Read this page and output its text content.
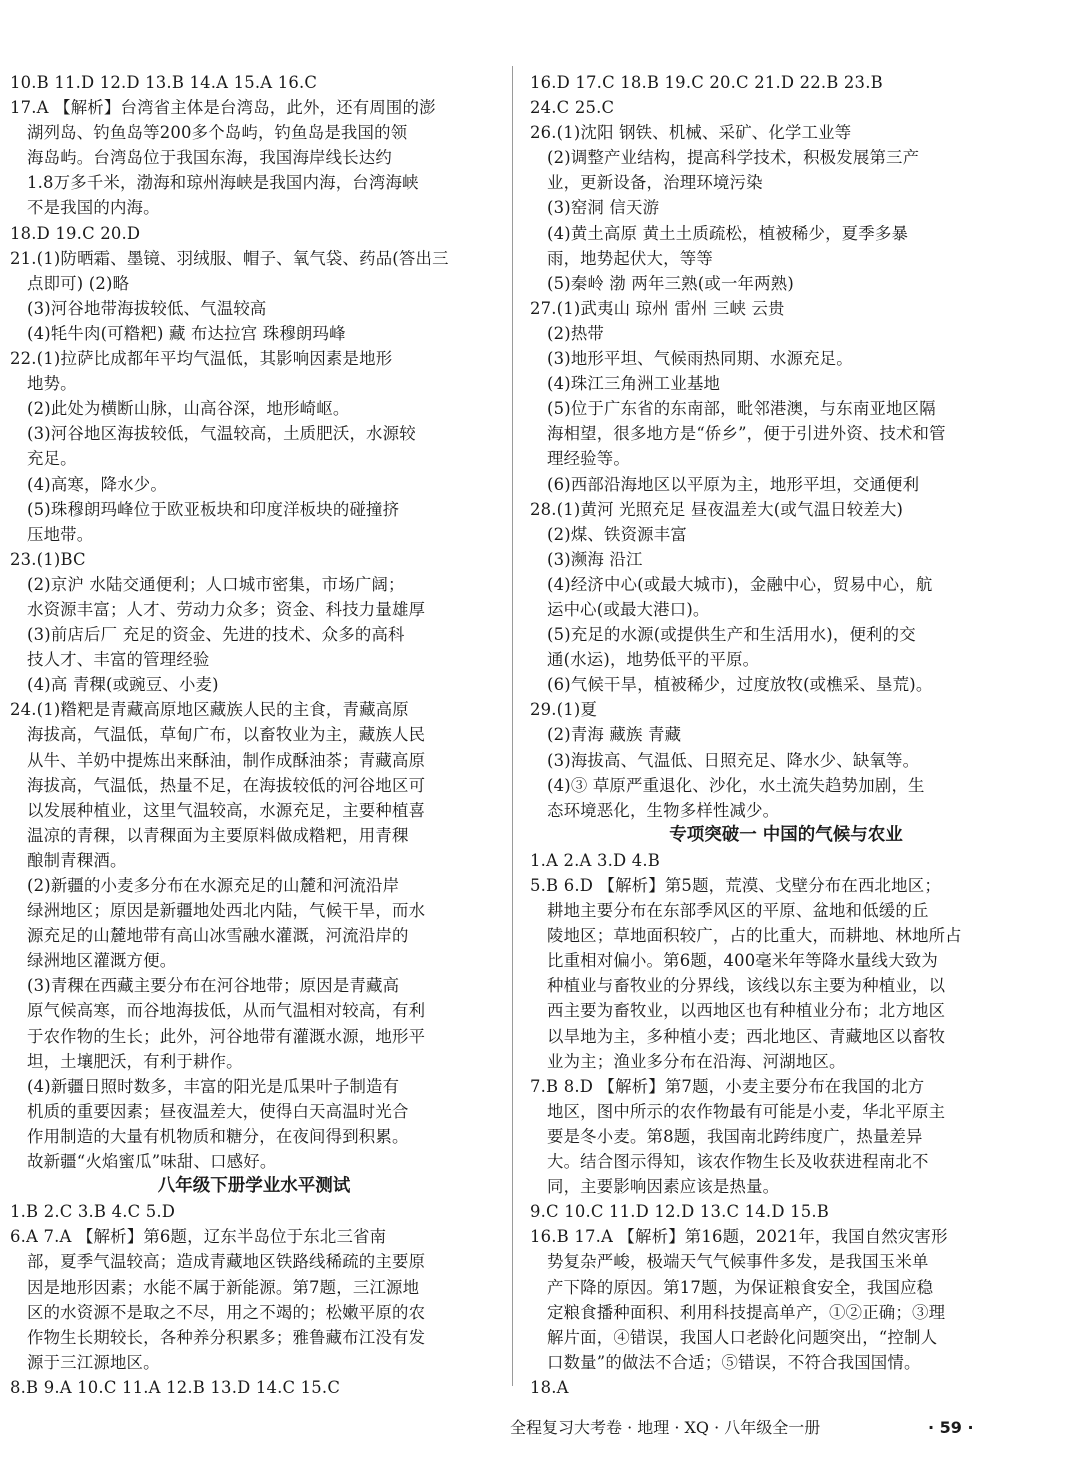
10.B 11.D 12.D 13.B 14.A 15.A 16.C
17.A 【解析】台湾省主体是台湾岛，此外，还有周围的澎
湖列岛、钓鱼岛等200多个岛屿，钓鱼岛是我国的领
海岛屿。台湾岛位于我国东海，我国海岸线长达约
1.8万多千米，渤海和琼州海峡是我国内海，台湾海峡
不是我国的内海。
18.D 19.C 20.D
21.(1)防晒霜、墨镜、羽绒服、帽子、氧气袋、药品(答出三
点即可) (2)略
(3)河谷地带海拔较低、气温较高
(4)牦牛肉(可糌粑) 藏 布达拉宫 珠穆朗玛峰
22.(1)拉萨比成都年平均气温低，其影响因素是地形
地势。
(2)此处为横断山脉，山高谷深，地形崎岖。
(3)河谷地区海拔较低，气温较高，土质肥沃，水源较
充足。
(4)高寒，降水少。
(5)珠穆朗玛峰位于欧亚板块和印度洋板块的碰撞挤
压地带。
23.(1)BC
(2)京沪 水陆交通便利；人口城市密集，市场广阔；
水资源丰富；人才、劳动力众多；资金、科技力量雄厚
(3)前店后厂 充足的资金、先进的技术、众多的高科
技人才、丰富的管理经验
(4)高 青稞(或豌豆、小麦)
24.(1)糌粑是青藏高原地区藏族人民的主食，青藏高原
海拔高，气温低，草甸广布，以畜牧业为主，藏族人民
从牛、羊奶中提炼出来酥油，制作成酥油茶；青藏高原
海拔高，气温低，热量不足，在海拔较低的河谷地区可
以发展种植业，这里气温较高，水源充足，主要种植喜
温凉的青稞，以青稞面为主要原料做成糌粑，用青稞
酿制青稞酒。
(2)新疆的小麦多分布在水源充足的山麓和河流沿岸
绿洲地区；原因是新疆地处西北内陆，气候干旱，而水
源充足的山麓地带有高山冰雪融水灌溉，河流沿岸的
绿洲地区灌溉方便。
(3)青稞在西藏主要分布在河谷地带；原因是青藏高
原气候高寒，而谷地海拔低，从而气温相对较高，有利
于农作物的生长；此外，河谷地带有灌溉水源，地形平
坦，土壤肥沃，有利于耕作。
(4)新疆日照时数多，丰富的阳光是瓜果叶子制造有
机质的重要因素；昼夜温差大，使得白天高温时光合
作用制造的大量有机物质和糖分，在夜间得到积累。
故新疆“火焰蜜瓜”味甜、口感好。
八年级下册学业水平测试
1.B 2.C 3.B 4.C 5.D
6.A 7.A 【解析】第6题，辽东半岛位于东北三省南
部，夏季气温较高；造成青藏地区铁路线稀疏的主要原
因是地形因素；水能不属于新能源。第7题，三江源地
区的水资源不是取之不尽，用之不竭的；松嫩平原的农
作物生长期较长，各种养分积累多；雅鲁藏布江没有发
源于三江源地区。
8.B 9.A 10.C 11.A 12.B 13.D 14.C 15.C
16.D 17.C 18.B 19.C 20.C 21.D 22.B 23.B
24.C 25.C
26.(1)沈阳 钢铁、机械、采矿、化学工业等
(2)调整产业结构，提高科学技术，积极发展第三产
业，更新设备，治理环境污染
(3)窑洞 信天游
(4)黄土高原 黄土土质疏松，植被稀少，夏季多暴
雨，地势起伏大，等等
(5)秦岭 渤 两年三熟(或一年两熟)
27.(1)武夷山 琼州 雷州 三峡 云贵
(2)热带
(3)地形平坦、气候雨热同期、水源充足。
(4)珠江三角洲工业基地
(5)位于广东省的东南部，毗邻港澳，与东南亚地区隔
海相望，很多地方是“侨乡”，便于引进外资、技术和管
理经验等。
(6)西部沿海地区以平原为主，地形平坦，交通便利
28.(1)黄河 光照充足 昼夜温差大(或气温日较差大)
(2)煤、铁资源丰富
(3)濒海 沿江
(4)经济中心(或最大城市)，金融中心，贸易中心，航
运中心(或最大港口)。
(5)充足的水源(或提供生产和生活用水)，便利的交
通(水运)，地势低平的平原。
(6)气候干旱，植被稀少，过度放牧(或樵采、垦荒)。
29.(1)夏
(2)青海 藏族 青藏
(3)海拔高、气温低、日照充足、降水少、缺氧等。
(4)③ 草原严重退化、沙化，水土流失趋势加剧，生
态环境恶化，生物多样性减少。
专项突破一 中国的气候与农业
1.A 2.A 3.D 4.B
5.B 6.D 【解析】第5题，荒漠、戈壁分布在西北地区；
耕地主要分布在东部季风区的平原、盆地和低缓的丘
陵地区；草地面积较广，占的比重大，而耕地、林地所占
比重相对偏小。第6题，400毫米年等降水量线大致为
种植业与畜牧业的分界线，该线以东主要为种植业，以
西主要为畜牧业，以西地区也有种植业分布；北方地区
以旱地为主，多种植小麦；西北地区、青藏地区以畜牧
业为主；渔业多分布在沿海、河湖地区。
7.B 8.D 【解析】第7题，小麦主要分布在我国的北方
地区，图中所示的农作物最有可能是小麦，华北平原主
要是冬小麦。第8题，我国南北跨纬度广，热量差异
大。结合图示得知，该农作物生长及收获进程南北不
同，主要影响因素应该是热量。
9.C 10.C 11.D 12.D 13.C 14.D 15.B
16.B 17.A 【解析】第16题，2021年，我国自然灾害形
势复杂严峻，极端天气气候事件多发，是我国玉米单
产下降的原因。第17题，为保证粮食安全，我国应稳
定粮食播种面积、利用科技提高单产，①②正确；③理
解片面，④错误，我国人口老龄化问题突出，“控制人
口数量”的做法不合适；⑤错误，不符合我国国情。
18.A
全程复习大考卷 · 地理 · XQ · 八年级全一册	· 59 ·
